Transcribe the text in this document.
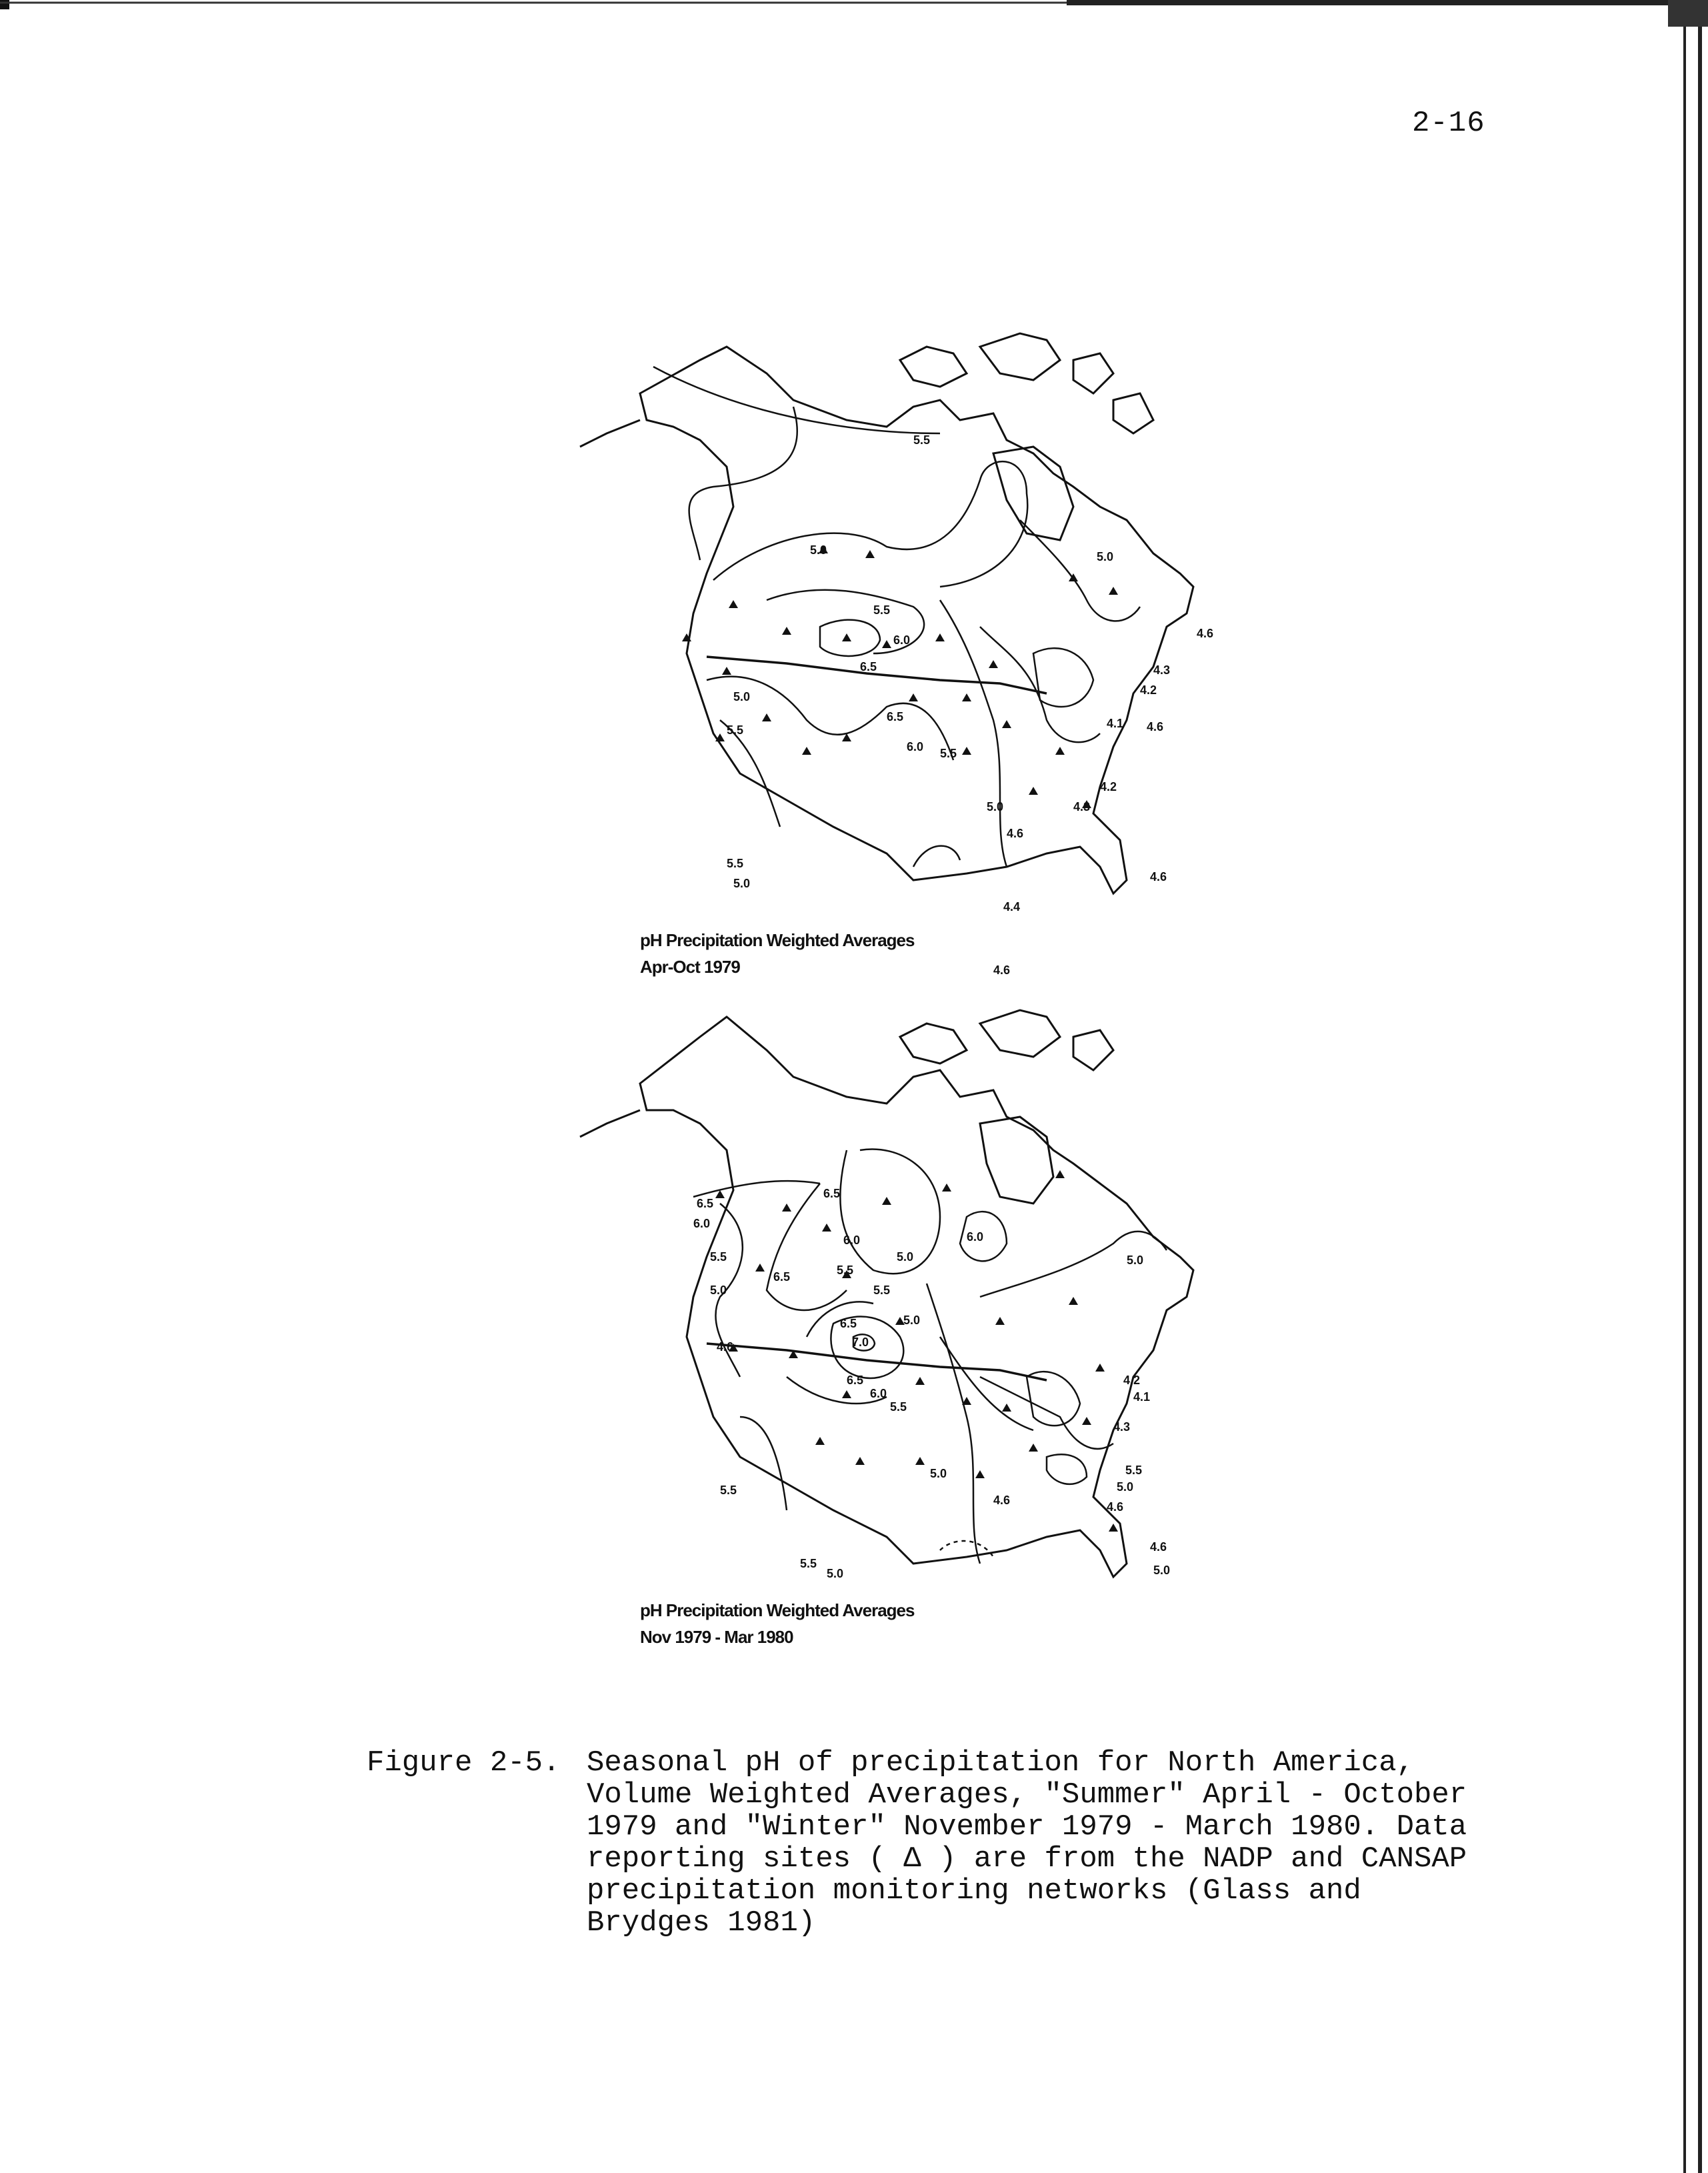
2-16
5.5
5.0	5.0
4.6
5.5
6.0
6.5
5.0
5.5
6.5
6.0 5.5
4.2
4.3
4.1 4.6
4.2
4.3
5.0
4.6
5.5
5.0
4.4
4.6
4.6
pH Precipitation Weighted Averages
Apr-Oct 1979
6.5
6.5
6.0
6.0
5.5
5.0
5.5
5.0
6.5
5.5
5.0
6.0
6.5
7.0
4.6
6.5
6.0
5.5
5.0
4.2
4.1
4.3
5.0	5.5
5.0
4.6
4.6
5.5
5.5
5.0
4.6
5.0
pH Precipitation Weighted Averages
Nov 1979 - Mar 1980
Figure 2-5. Seasonal pH of precipitation for North America, Volume Weighted Averages, "Summer" April - October 1979 and "Winter" November 1979 - March 1980. Data reporting sites ( Δ ) are from the NADP and CANSAP precipitation monitoring networks (Glass and Brydges 1981)
